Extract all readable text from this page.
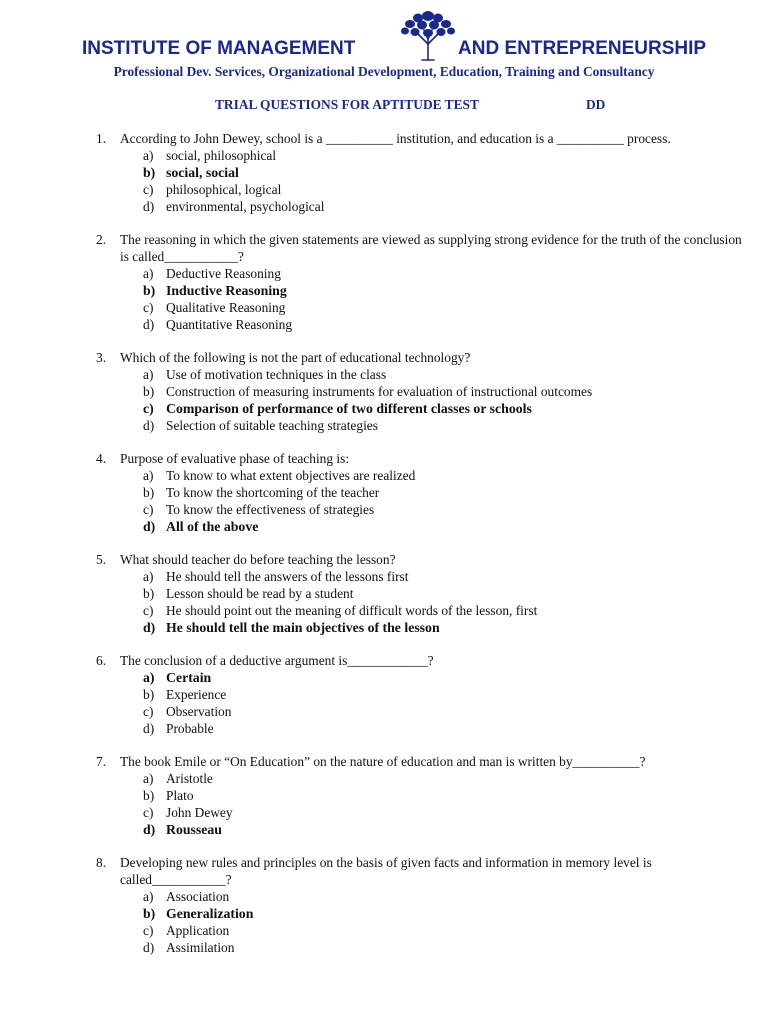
INSTITUTE OF MANAGEMENT	AND ENTREPRENEURSHIP
Professional Dev. Services, Organizational Development, Education, Training and Consultancy
TRIAL QUESTIONS FOR APTITUDE TEST	DD
1. According to John Dewey, school is a __________ institution, and education is a __________ process.
a) social, philosophical
b) social, social
c) philosophical, logical
d) environmental, psychological
2. The reasoning in which the given statements are viewed as supplying strong evidence for the truth of the conclusion is called___________?
a) Deductive Reasoning
b) Inductive Reasoning
c) Qualitative Reasoning
d) Quantitative Reasoning
3. Which of the following is not the part of educational technology?
a) Use of motivation techniques in the class
b) Construction of measuring instruments for evaluation of instructional outcomes
c) Comparison of performance of two different classes or schools
d) Selection of suitable teaching strategies
4. Purpose of evaluative phase of teaching is:
a) To know to what extent objectives are realized
b) To know the shortcoming of the teacher
c) To know the effectiveness of strategies
d) All of the above
5. What should teacher do before teaching the lesson?
a) He should tell the answers of the lessons first
b) Lesson should be read by a student
c) He should point out the meaning of difficult words of the lesson, first
d) He should tell the main objectives of the lesson
6. The conclusion of a deductive argument is____________?
a) Certain
b) Experience
c) Observation
d) Probable
7. The book Emile or “On Education” on the nature of education and man is written by__________?
a) Aristotle
b) Plato
c) John Dewey
d) Rousseau
8. Developing new rules and principles on the basis of given facts and information in memory level is called___________?
a) Association
b) Generalization
c) Application
d) Assimilation
